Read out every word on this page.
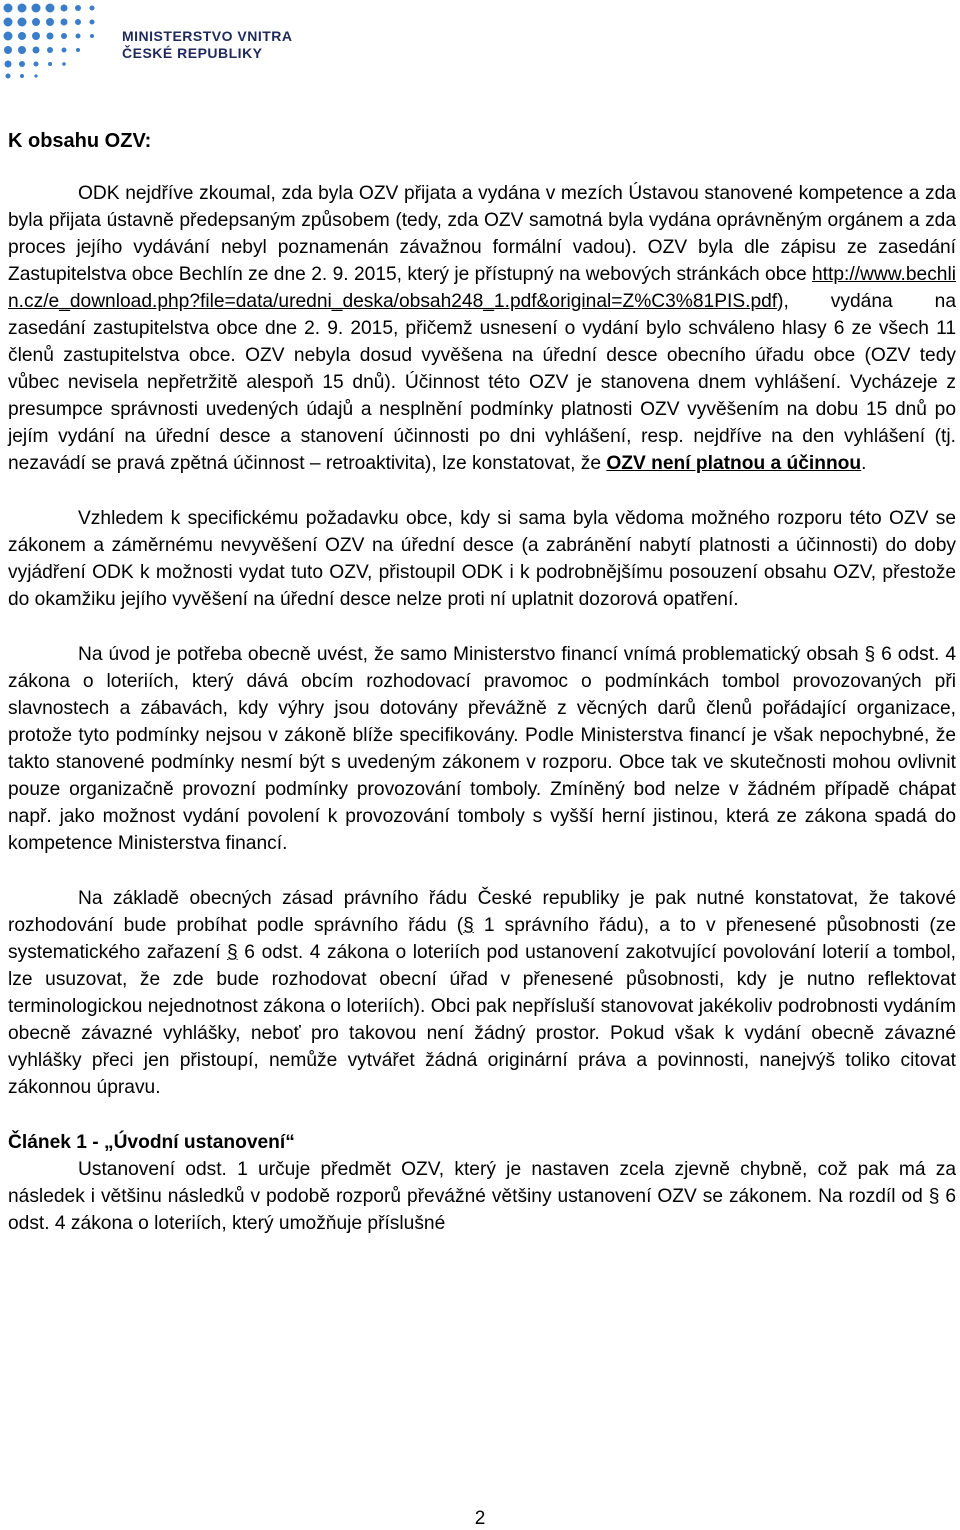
MINISTERSTVO VNITRA
ČESKÉ REPUBLIKY
K obsahu OZV:

ODK nejdříve zkoumal, zda byla OZV přijata a vydána v mezích Ústavou stanovené kompetence a zda byla přijata ústavně předepsaným způsobem (tedy, zda OZV samotná byla vydána oprávněným orgánem a zda proces jejího vydávání nebyl poznamenán závažnou formální vadou). OZV byla dle zápisu ze zasedání Zastupitelstva obce Bechlín ze dne 2. 9. 2015, který je přístupný na webových stránkách obce http://www.bechlin.cz/e_download.php?file=data/uredni_deska/obsah248_1.pdf&original=Z%C3%81PIS.pdf), vydána na zasedání zastupitelstva obce dne 2. 9. 2015, přičemž usnesení o vydání bylo schváleno hlasy 6 ze všech 11 členů zastupitelstva obce. OZV nebyla dosud vyvěšena na úřední desce obecního úřadu obce (OZV tedy vůbec nevisela nepřetržitě alespoň 15 dnů). Účinnost této OZV je stanovena dnem vyhlášení. Vycházeje z presumpce správnosti uvedených údajů a nesplnění podmínky platnosti OZV vyvěšením na dobu 15 dnů po jejím vydání na úřední desce a stanovení účinnosti po dni vyhlášení, resp. nejdříve na den vyhlášení (tj. nezavádí se pravá zpětná účinnost – retroaktivita), lze konstatovat, že OZV není platnou a účinnou.

Vzhledem k specifickému požadavku obce, kdy si sama byla vědoma možného rozporu této OZV se zákonem a záměrnému nevyvěšení OZV na úřední desce (a zabránění nabytí platnosti a účinnosti) do doby vyjádření ODK k možnosti vydat tuto OZV, přistoupil ODK i k podrobnějšímu posouzení obsahu OZV, přestože do okamžiku jejího vyvěšení na úřední desce nelze proti ní uplatnit dozorová opatření.

Na úvod je potřeba obecně uvést, že samo Ministerstvo financí vnímá problematický obsah § 6 odst. 4 zákona o loteriích, který dává obcím rozhodovací pravomoc o podmínkách tombol provozovaných při slavnostech a zábavách, kdy výhry jsou dotovány převážně z věcných darů členů pořádající organizace, protože tyto podmínky nejsou v zákoně blíže specifikovány. Podle Ministerstva financí je však nepochybné, že takto stanovené podmínky nesmí být s uvedeným zákonem v rozporu. Obce tak ve skutečnosti mohou ovlivnit pouze organizačně provozní podmínky provozování tomboly. Zmíněný bod nelze v žádném případě chápat např. jako možnost vydání povolení k provozování tomboly s vyšší herní jistinou, která ze zákona spadá do kompetence Ministerstva financí.

Na základě obecných zásad právního řádu České republiky je pak nutné konstatovat, že takové rozhodování bude probíhat podle správního řádu (§ 1 správního řádu), a to v přenesené působnosti (ze systematického zařazení § 6 odst. 4 zákona o loteriích pod ustanovení zakotvující povolování loterií a tombol, lze usuzovat, že zde bude rozhodovat obecní úřad v přenesené působnosti, kdy je nutno reflektovat terminologickou nejednotnost zákona o loteriích). Obci pak nepřísluší stanovovat jakékoliv podrobnosti vydáním obecně závazné vyhlášky, neboť pro takovou není žádný prostor. Pokud však k vydání obecně závazné vyhlášky přeci jen přistoupí, nemůže vytvářet žádná originární práva a povinnosti, nanejvýš toliko citovat zákonnou úpravu.

Článek 1 - „Úvodní ustanovení“

Ustanovení odst. 1 určuje předmět OZV, který je nastaven zcela zjevně chybně, což pak má za následek i většinu následků v podobě rozporů převážné většiny ustanovení OZV se zákonem. Na rozdíl od § 6 odst. 4 zákona o loteriích, který umožňuje příslušné

2
